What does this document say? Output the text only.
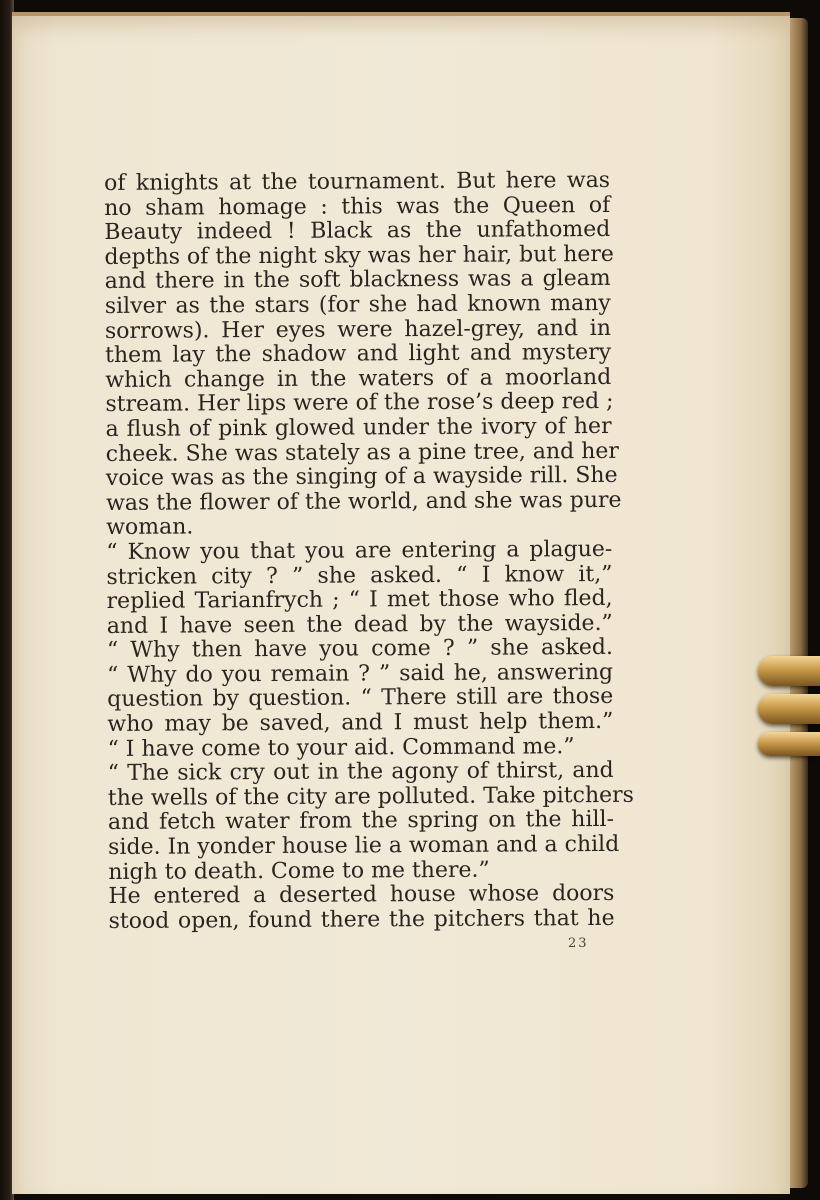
of knights at the tournament. But here was
no sham homage : this was the Queen of
Beauty indeed ! Black as the unfathomed
depths of the night sky was her hair, but here
and there in the soft blackness was a gleam
silver as the stars (for she had known many
sorrows). Her eyes were hazel-grey, and in
them lay the shadow and light and mystery
which change in the waters of a moorland
stream. Her lips were of the rose’s deep red ;
a flush of pink glowed under the ivory of her
cheek. She was stately as a pine tree, and her
voice was as the singing of a wayside rill. She
was the flower of the world, and she was pure
woman.
“ Know you that you are entering a plague-
stricken city ? ” she asked. “ I know it,”
replied Tarianfrych ; “ I met those who fled,
and I have seen the dead by the wayside.”
“ Why then have you come ? ” she asked.
“ Why do you remain ? ” said he, answering
question by question. “ There still are those
who may be saved, and I must help them.”
“ I have come to your aid. Command me.”
“ The sick cry out in the agony of thirst, and
the wells of the city are polluted. Take pitchers
and fetch water from the spring on the hill-
side. In yonder house lie a woman and a child
nigh to death. Come to me there.”
He entered a deserted house whose doors
stood open, found there the pitchers that he
23
